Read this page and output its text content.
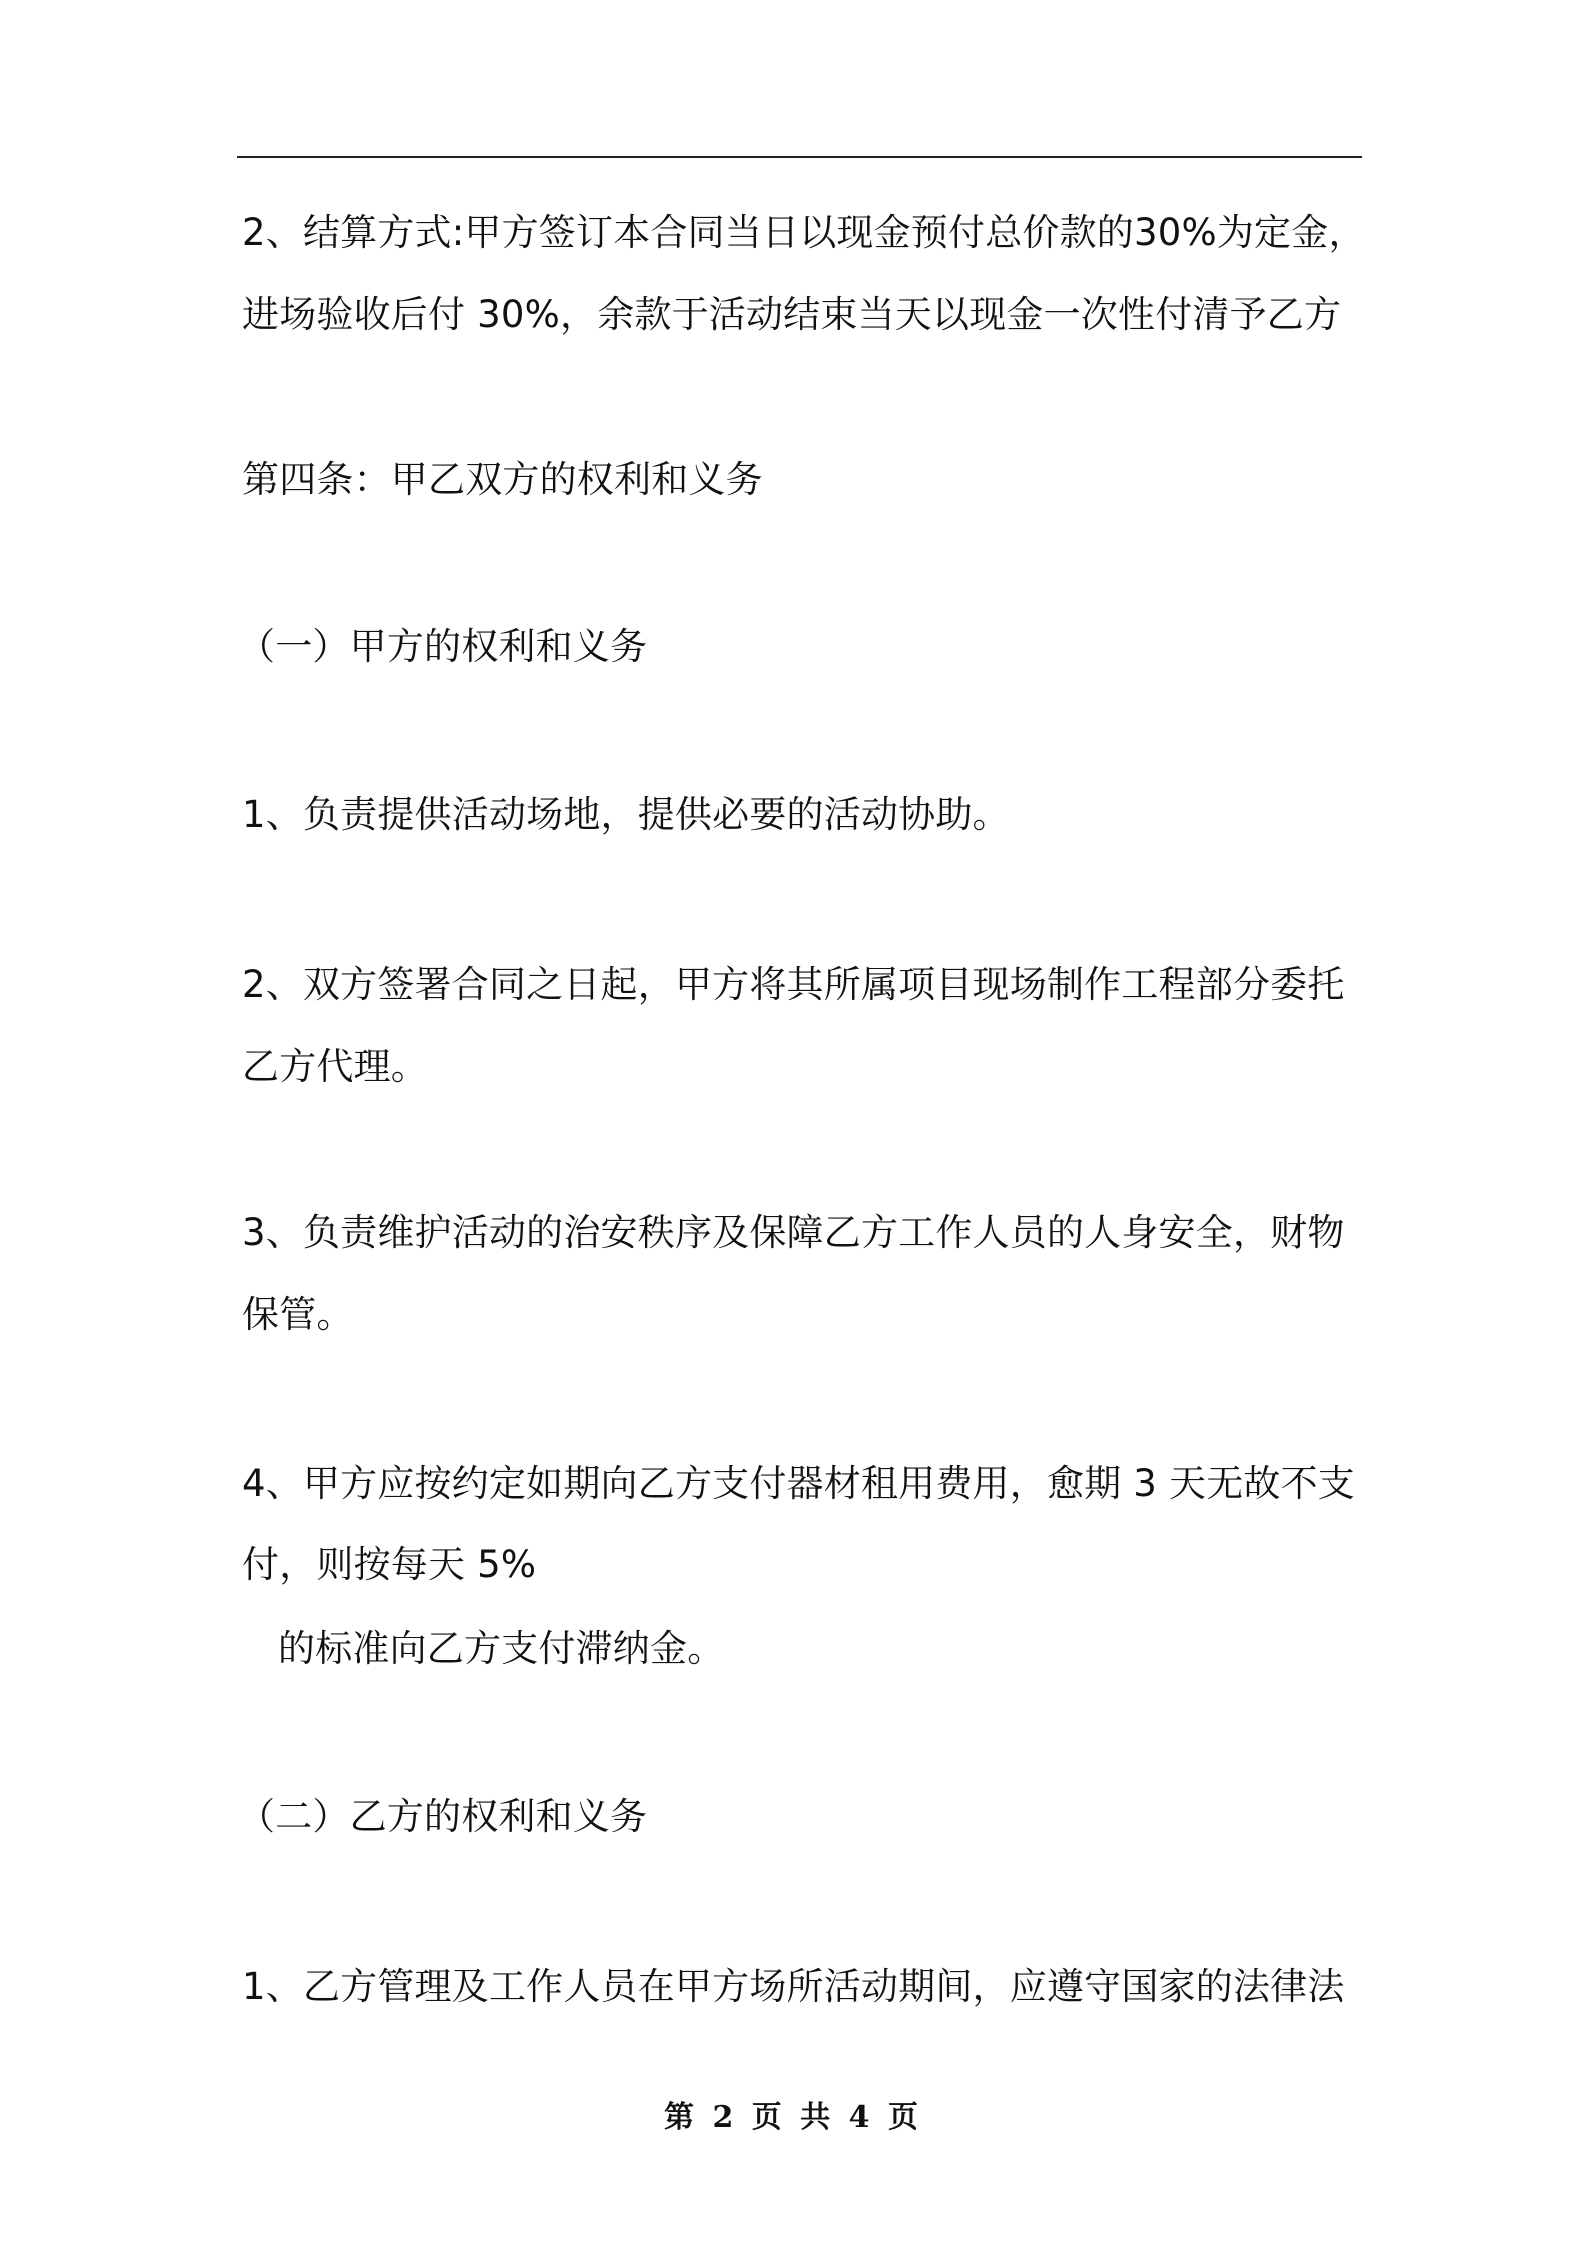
2、结算方式:甲方签订本合同当日以现金预付总价款的30%为定金，
进场验收后付 30%，余款于活动结束当天以现金一次性付清予乙方
第四条：甲乙双方的权利和义务
（一）甲方的权利和义务
1、负责提供活动场地，提供必要的活动协助。
2、双方签署合同之日起，甲方将其所属项目现场制作工程部分委托
乙方代理。
3、负责维护活动的治安秩序及保障乙方工作人员的人身安全，财物
保管。
4、甲方应按约定如期向乙方支付器材租用费用，愈期 3 天无故不支
付，则按每天 5%
的标准向乙方支付滞纳金。
（二）乙方的权利和义务
1、乙方管理及工作人员在甲方场所活动期间，应遵守国家的法律法
第 2 页 共 4 页
